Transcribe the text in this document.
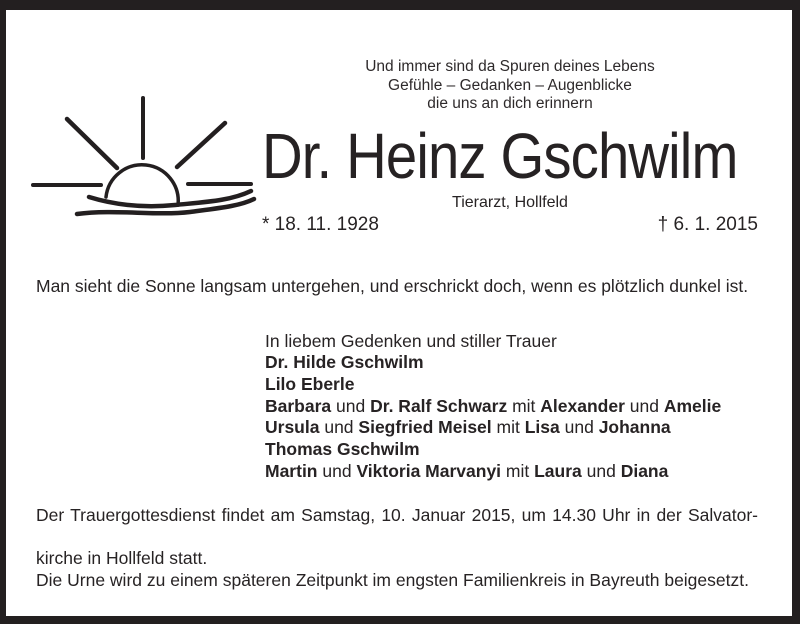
Und immer sind da Spuren deines Lebens
Gefühle – Gedanken – Augenblicke
die uns an dich erinnern
Dr. Heinz Gschwilm
Tierarzt, Hollfeld
* 18. 11. 1928	† 6. 1. 2015
Man sieht die Sonne langsam untergehen, und erschrickt doch, wenn es plötzlich dunkel ist.
In liebem Gedenken und stiller Trauer
Dr. Hilde Gschwilm
Lilo Eberle
Barbara und Dr. Ralf Schwarz mit Alexander und Amelie
Ursula und Siegfried Meisel mit Lisa und Johanna
Thomas Gschwilm
Martin und Viktoria Marvanyi mit Laura und Diana
Der Trauergottesdienst findet am Samstag, 10. Januar 2015, um 14.30 Uhr in der Salvator-
kirche in Hollfeld statt.
Die Urne wird zu einem späteren Zeitpunkt im engsten Familienkreis in Bayreuth beigesetzt.
